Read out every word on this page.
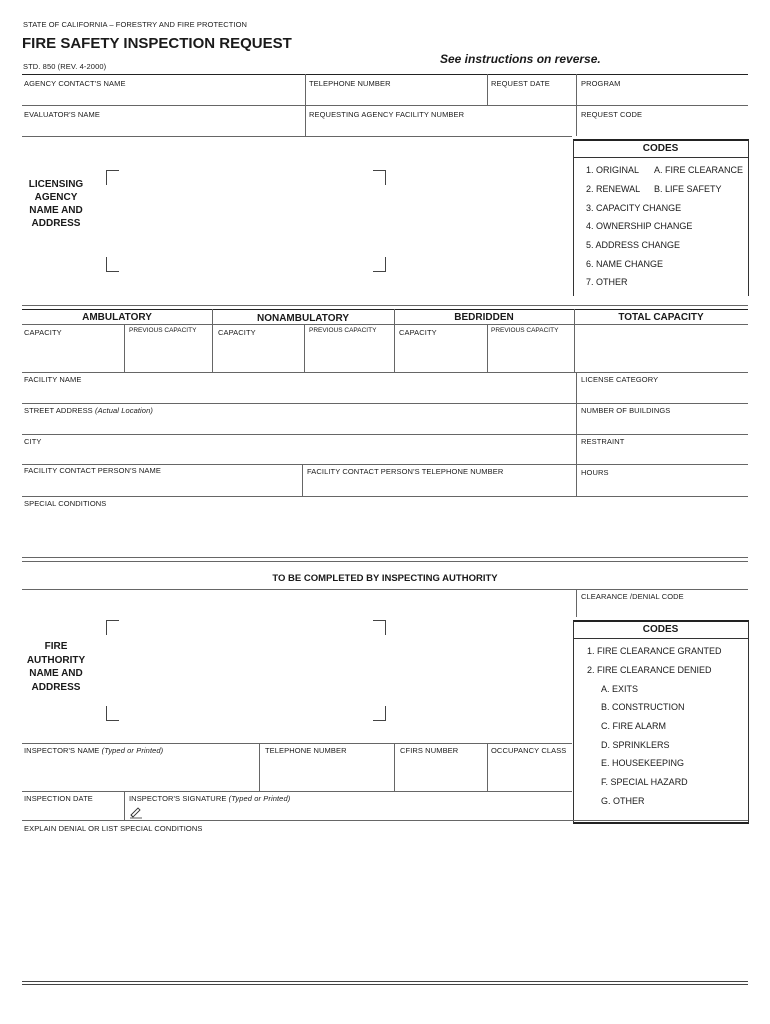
STATE OF CALIFORNIA – FORESTRY AND FIRE PROTECTION
FIRE SAFETY INSPECTION REQUEST
STD. 850 (REV. 4-2000)
See instructions on reverse.
AGENCY CONTACT'S NAME	TELEPHONE NUMBER	REQUEST DATE	PROGRAM
EVALUATOR'S NAME	REQUESTING AGENCY FACILITY NUMBER	REQUEST CODE
LICENSING
AGENCY
NAME AND
ADDRESS
CODES
1. ORIGINAL A. FIRE CLEARANCE
2. RENEWAL B. LIFE SAFETY
3. CAPACITY CHANGE
4. OWNERSHIP CHANGE
5. ADDRESS CHANGE
6. NAME CHANGE
7. OTHER
AMBULATORY	NONAMBULATORY	BEDRIDDEN	TOTAL CAPACITY
CAPACITY	PREVIOUS CAPACITY	CAPACITY	PREVIOUS CAPACITY	CAPACITY	PREVIOUS CAPACITY
FACILITY NAME	LICENSE CATEGORY
STREET ADDRESS (Actual Location)	NUMBER OF BUILDINGS
CITY	RESTRAINT
FACILITY CONTACT PERSON'S NAME	FACILITY CONTACT PERSON'S TELEPHONE NUMBER	HOURS
SPECIAL CONDITIONS
TO BE COMPLETED BY INSPECTING AUTHORITY
CLEARANCE /DENIAL CODE
FIRE
AUTHORITY
NAME AND
ADDRESS
CODES
1. FIRE CLEARANCE GRANTED
2. FIRE CLEARANCE DENIED
A. EXITS
B. CONSTRUCTION
C. FIRE ALARM
D. SPRINKLERS
E. HOUSEKEEPING
F. SPECIAL HAZARD
G. OTHER
INSPECTOR'S NAME (Typed or Printed)	TELEPHONE NUMBER	CFIRS NUMBER	OCCUPANCY CLASS
INSPECTION DATE	INSPECTOR'S SIGNATURE (Typed or Printed)
EXPLAIN DENIAL OR LIST SPECIAL CONDITIONS
